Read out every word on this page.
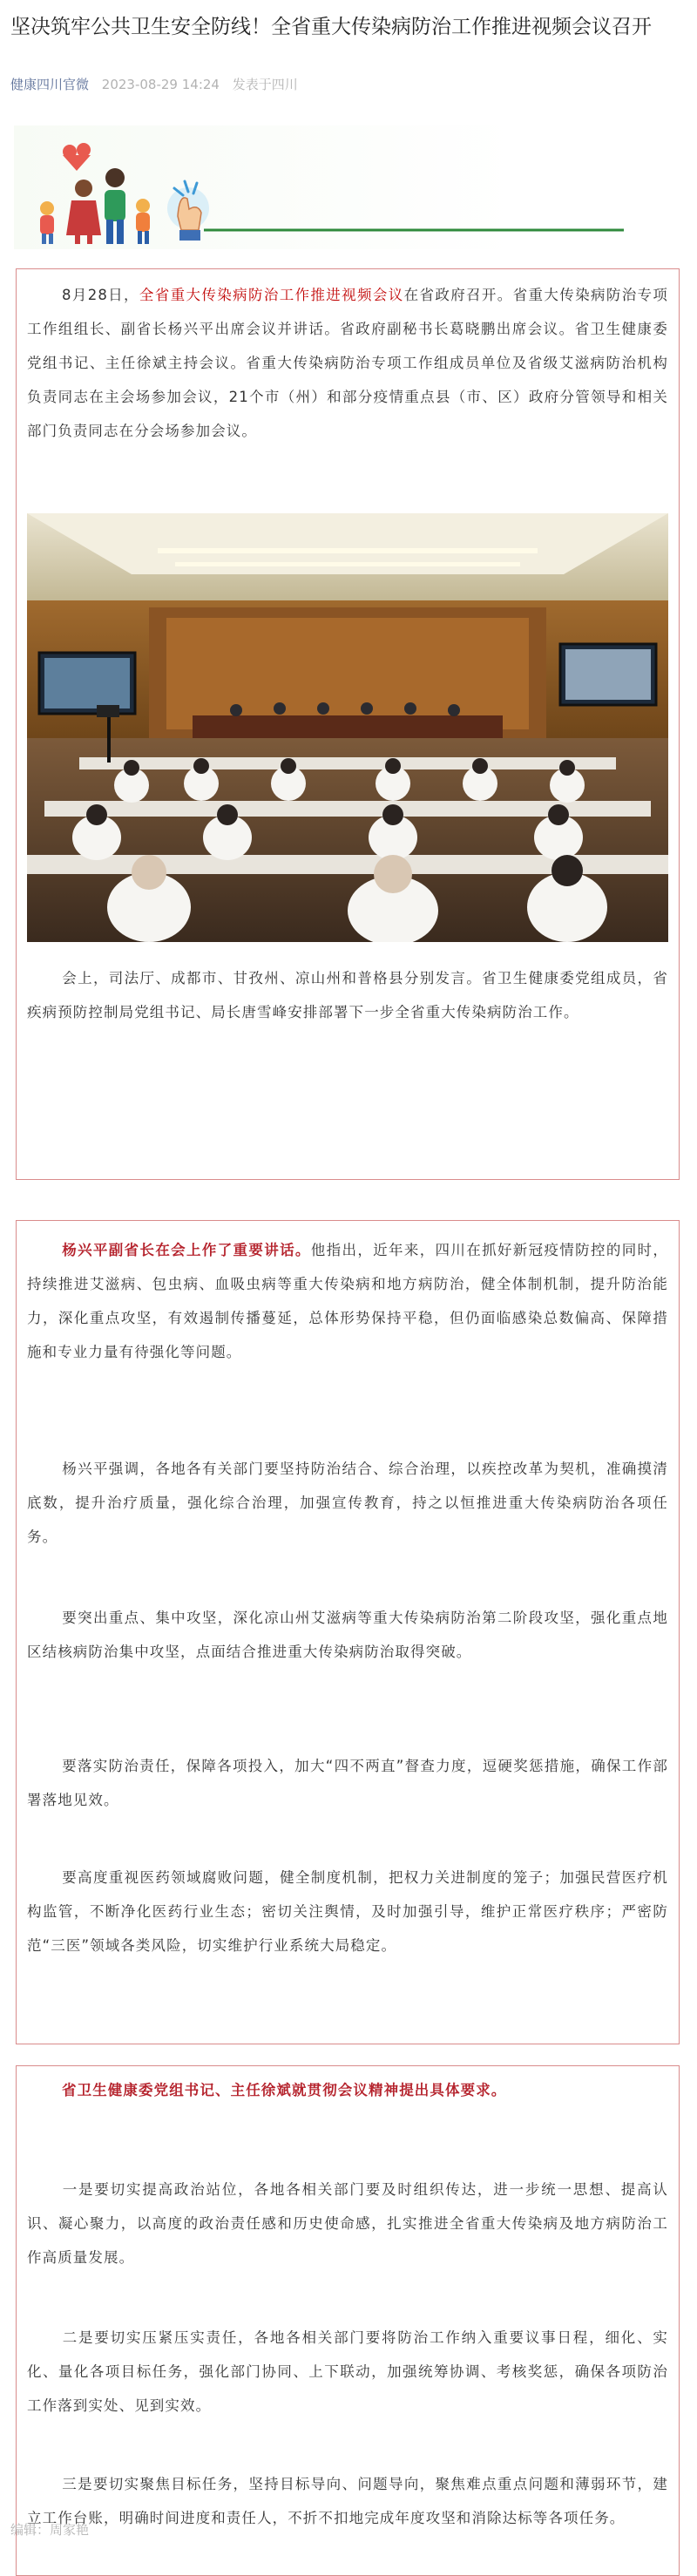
坚决筑牢公共卫生安全防线！全省重大传染病防治工作推进视频会议召开
健康四川官微 2023-08-29 14:24 发表于四川

8月28日，全省重大传染病防治工作推进视频会议在省政府召开。省重大传染病防治专项工作组组长、副省长杨兴平出席会议并讲话。省政府副秘书长葛晓鹏出席会议。省卫生健康委党组书记、主任徐斌主持会议。省重大传染病防治专项工作组成员单位及省级艾滋病防治机构负责同志在主会场参加会议，21个市（州）和部分疫情重点县（市、区）政府分管领导和相关部门负责同志在分会场参加会议。

会上，司法厅、成都市、甘孜州、凉山州和普格县分别发言。省卫生健康委党组成员，省疾病预防控制局党组书记、局长唐雪峰安排部署下一步全省重大传染病防治工作。

杨兴平副省长在会上作了重要讲话。他指出，近年来，四川在抓好新冠疫情防控的同时，持续推进艾滋病、包虫病、血吸虫病等重大传染病和地方病防治，健全体制机制，提升防治能力，深化重点攻坚，有效遏制传播蔓延，总体形势保持平稳，但仍面临感染总数偏高、保障措施和专业力量有待强化等问题。

杨兴平强调，各地各有关部门要坚持防治结合、综合治理，以疾控改革为契机，准确摸清底数，提升治疗质量，强化综合治理，加强宣传教育，持之以恒推进重大传染病防治各项任务。

要突出重点、集中攻坚，深化凉山州艾滋病等重大传染病防治第二阶段攻坚，强化重点地区结核病防治集中攻坚，点面结合推进重大传染病防治取得突破。

要落实防治责任，保障各项投入，加大“四不两直”督查力度，逗硬奖惩措施，确保工作部署落地见效。

要高度重视医药领域腐败问题，健全制度机制，把权力关进制度的笼子；加强民营医疗机构监管，不断净化医药行业生态；密切关注舆情，及时加强引导，维护正常医疗秩序；严密防范“三医”领域各类风险，切实维护行业系统大局稳定。

省卫生健康委党组书记、主任徐斌就贯彻会议精神提出具体要求。

一是要切实提高政治站位，各地各相关部门要及时组织传达，进一步统一思想、提高认识、凝心聚力，以高度的政治责任感和历史使命感，扎实推进全省重大传染病及地方病防治工作高质量发展。

二是要切实压紧压实责任，各地各相关部门要将防治工作纳入重要议事日程，细化、实化、量化各项目标任务，强化部门协同、上下联动，加强统筹协调、考核奖惩，确保各项防治工作落到实处、见到实效。

三是要切实聚焦目标任务，坚持目标导向、问题导向，聚焦难点重点问题和薄弱环节，建立工作台账，明确时间进度和责任人，不折不扣地完成年度攻坚和消除达标等各项任务。

编辑：周家艳
